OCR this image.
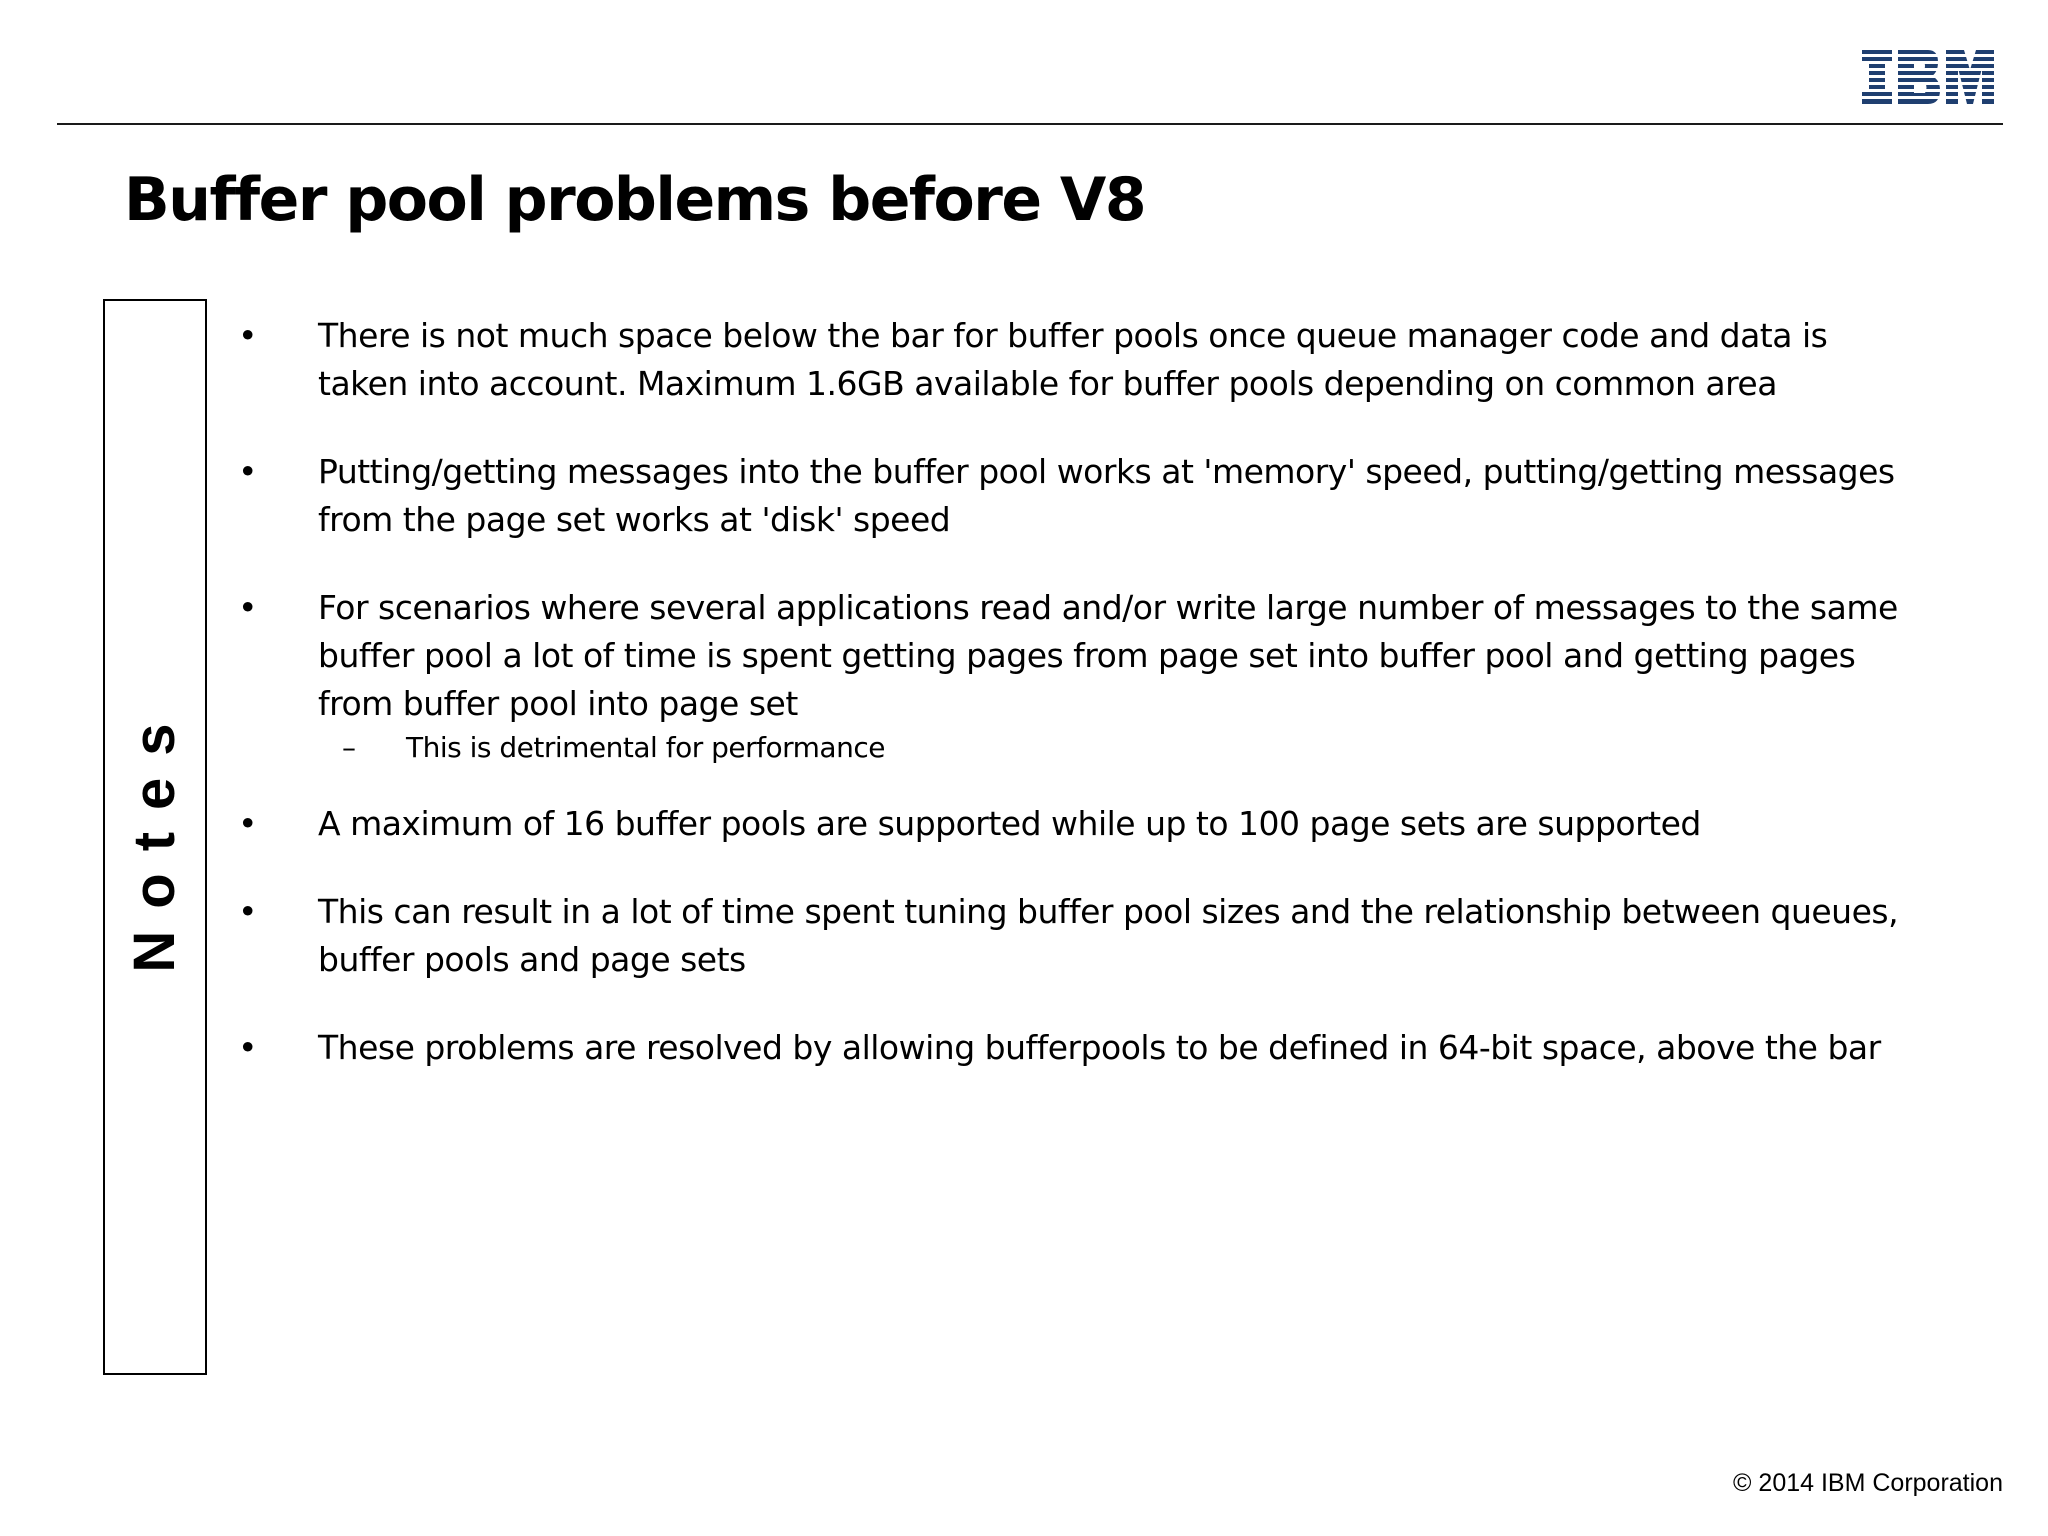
Buffer pool problems before V8
Notes
• There is not much space below the bar for buffer pools once queue manager code and data is taken into account. Maximum 1.6GB available for buffer pools depending on common area
• Putting/getting messages into the buffer pool works at 'memory' speed, putting/getting messages from the page set works at 'disk' speed
• For scenarios where several applications read and/or write large number of messages to the same buffer pool a lot of time is spent getting pages from page set into buffer pool and getting pages from buffer pool into page set
– This is detrimental for performance
• A maximum of 16 buffer pools are supported while up to 100 page sets are supported
• This can result in a lot of time spent tuning buffer pool sizes and the relationship between queues, buffer pools and page sets
• These problems are resolved by allowing bufferpools to be defined in 64-bit space, above the bar

© 2014 IBM Corporation
